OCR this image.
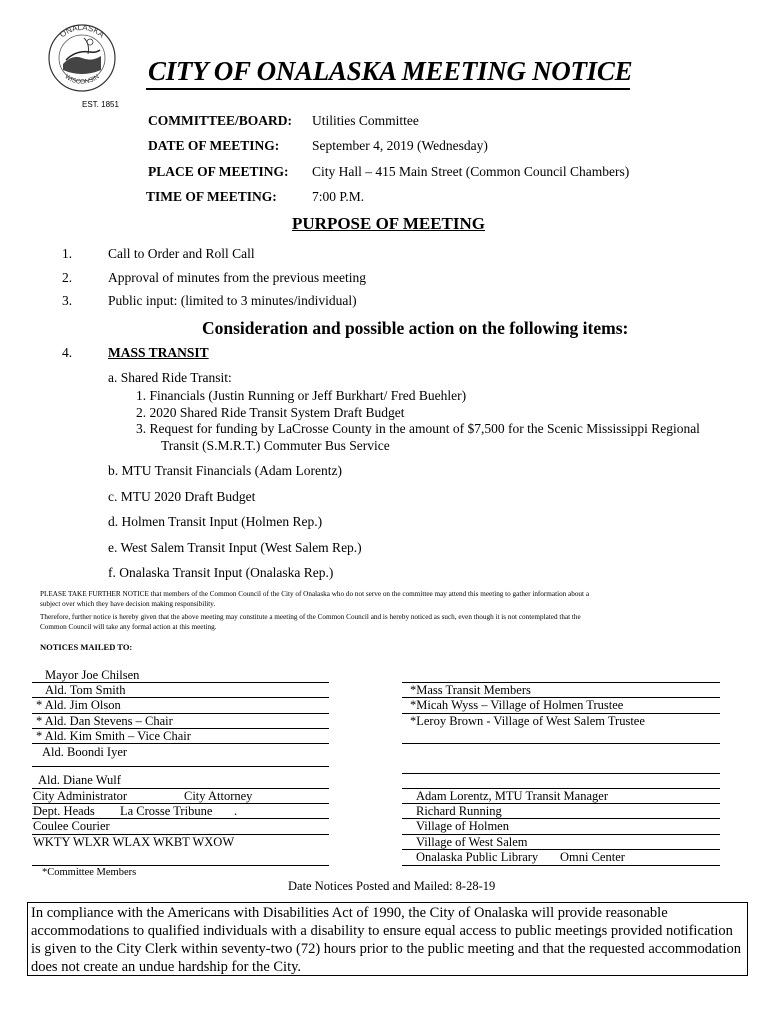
ONALASKA
WISCONSIN
EST. 1851
CITY OF ONALASKA MEETING NOTICE
COMMITTEE/BOARD: Utilities Committee
DATE OF MEETING: September 4, 2019 (Wednesday)
PLACE OF MEETING: City Hall – 415 Main Street (Common Council Chambers)
TIME OF MEETING:	7:00 P.M.
PURPOSE OF MEETING
1.	Call to Order and Roll Call
2.	Approval of minutes from the previous meeting
3.	Public input: (limited to 3 minutes/individual)
Consideration and possible action on the following items:
4.	MASS TRANSIT
a. Shared Ride Transit:
1. Financials (Justin Running or Jeff Burkhart/ Fred Buehler)
2. 2020 Shared Ride Transit System Draft Budget
3. Request for funding by LaCrosse County in the amount of $7,500 for the Scenic Mississippi Regional
Transit (S.M.R.T.) Commuter Bus Service
b. MTU Transit Financials (Adam Lorentz)
c. MTU 2020 Draft Budget
d. Holmen Transit Input (Holmen Rep.)
e. West Salem Transit Input (West Salem Rep.)
f. Onalaska Transit Input (Onalaska Rep.)
PLEASE TAKE FURTHER NOTICE that members of the Common Council of the City of Onalaska who do not serve on the committee may attend this meeting to gather information about a
subject over which they have decision making responsibility.
Therefore, further notice is hereby given that the above meeting may constitute a meeting of the Common Council and is hereby noticed as such, even though it is not contemplated that the
Common Council will take any formal action at this meeting.
NOTICES MAILED TO:
Mayor Joe Chilsen
Ald. Tom Smith
* Ald. Jim Olson
* Ald. Dan Stevens – Chair
* Ald. Kim Smith – Vice Chair
Ald. Boondi Iyer
Ald. Diane Wulf
City Administrator	City Attorney
Dept. Heads La Crosse Tribune .
Coulee Courier
WKTY WLXR WLAX WKBT WXOW
*Committee Members
*Mass Transit Members
*Micah Wyss – Village of Holmen Trustee
*Leroy Brown - Village of West Salem Trustee
Adam Lorentz, MTU Transit Manager
Richard Running
Village of Holmen
Village of West Salem
Onalaska Public Library Omni Center
Date Notices Posted and Mailed: 8-28-19
In compliance with the Americans with Disabilities Act of 1990, the City of Onalaska will provide reasonable accommodations to qualified individuals with a disability to ensure equal access to public meetings provided notification is given to the City Clerk within seventy-two (72) hours prior to the public meeting and that the requested accommodation does not create an undue hardship for the City.
